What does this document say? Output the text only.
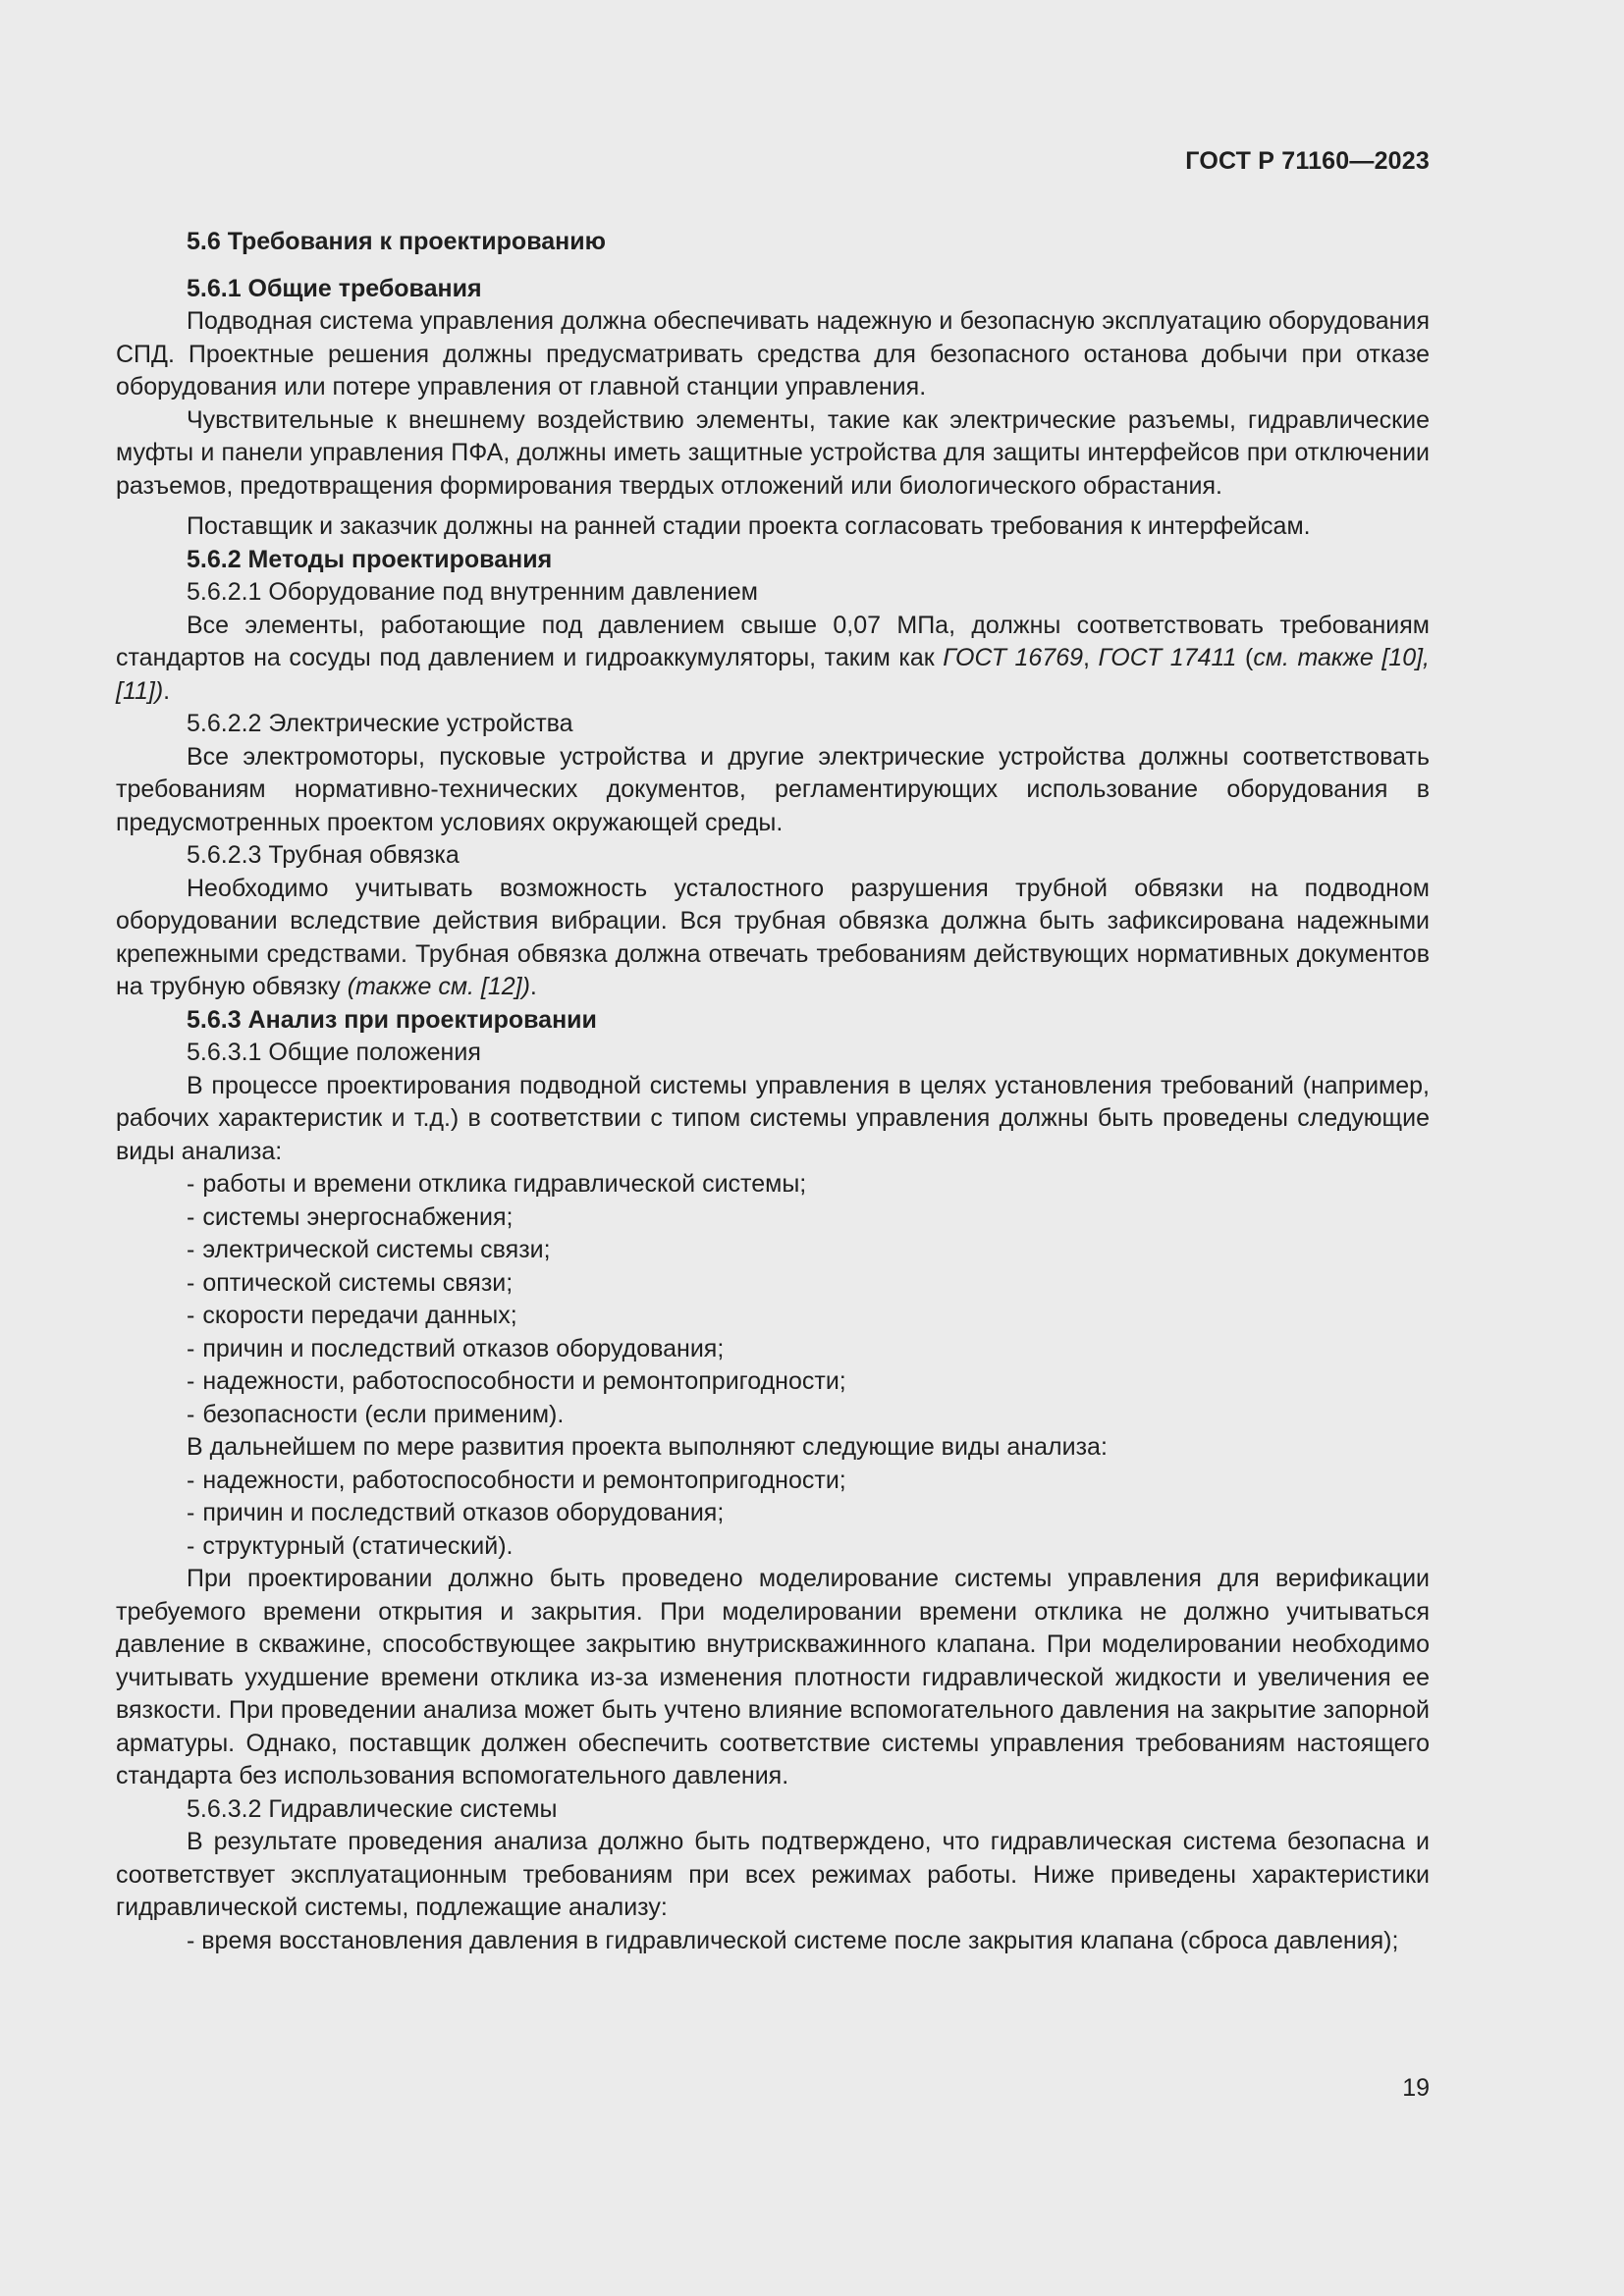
ГОСТ Р 71160—2023

5.6 Требования к проектированию

5.6.1 Общие требования

Подводная система управления должна обеспечивать надежную и безопасную эксплуатацию оборудования СПД. Проектные решения должны предусматривать средства для безопасного останова добычи при отказе оборудования или потере управления от главной станции управления.

Чувствительные к внешнему воздействию элементы, такие как электрические разъемы, гидравлические муфты и панели управления ПФА, должны иметь защитные устройства для защиты интерфейсов при отключении разъемов, предотвращения формирования твердых отложений или биологического обрастания.

Поставщик и заказчик должны на ранней стадии проекта согласовать требования к интерфейсам.

5.6.2 Методы проектирования

5.6.2.1 Оборудование под внутренним давлением

Все элементы, работающие под давлением свыше 0,07 МПа, должны соответствовать требованиям стандартов на сосуды под давлением и гидроаккумуляторы, таким как ГОСТ 16769, ГОСТ 17411 (см. также [10], [11]).

5.6.2.2 Электрические устройства

Все электромоторы, пусковые устройства и другие электрические устройства должны соответствовать требованиям нормативно-технических документов, регламентирующих использование оборудования в предусмотренных проектом условиях окружающей среды.

5.6.2.3 Трубная обвязка

Необходимо учитывать возможность усталостного разрушения трубной обвязки на подводном оборудовании вследствие действия вибрации. Вся трубная обвязка должна быть зафиксирована надежными крепежными средствами. Трубная обвязка должна отвечать требованиям действующих нормативных документов на трубную обвязку (также см. [12]).

5.6.3 Анализ при проектировании

5.6.3.1 Общие положения

В процессе проектирования подводной системы управления в целях установления требований (например, рабочих характеристик и т.д.) в соответствии с типом системы управления должны быть проведены следующие виды анализа:

- работы и времени отклика гидравлической системы;

- системы энергоснабжения;

- электрической системы связи;

- оптической системы связи;

- скорости передачи данных;

- причин и последствий отказов оборудования;

- надежности, работоспособности и ремонтопригодности;

- безопасности (если применим).

В дальнейшем по мере развития проекта выполняют следующие виды анализа:

- надежности, работоспособности и ремонтопригодности;

- причин и последствий отказов оборудования;

- структурный (статический).

При проектировании должно быть проведено моделирование системы управления для верификации требуемого времени открытия и закрытия. При моделировании времени отклика не должно учитываться давление в скважине, способствующее закрытию внутрискважинного клапана. При моделировании необходимо учитывать ухудшение времени отклика из-за изменения плотности гидравлической жидкости и увеличения ее вязкости. При проведении анализа может быть учтено влияние вспомогательного давления на закрытие запорной арматуры. Однако, поставщик должен обеспечить соответствие системы управления требованиям настоящего стандарта без использования вспомогательного давления.

5.6.3.2 Гидравлические системы

В результате проведения анализа должно быть подтверждено, что гидравлическая система безопасна и соответствует эксплуатационным требованиям при всех режимах работы. Ниже приведены характеристики гидравлической системы, подлежащие анализу:

- время восстановления давления в гидравлической системе после закрытия клапана (сброса давления);

19
